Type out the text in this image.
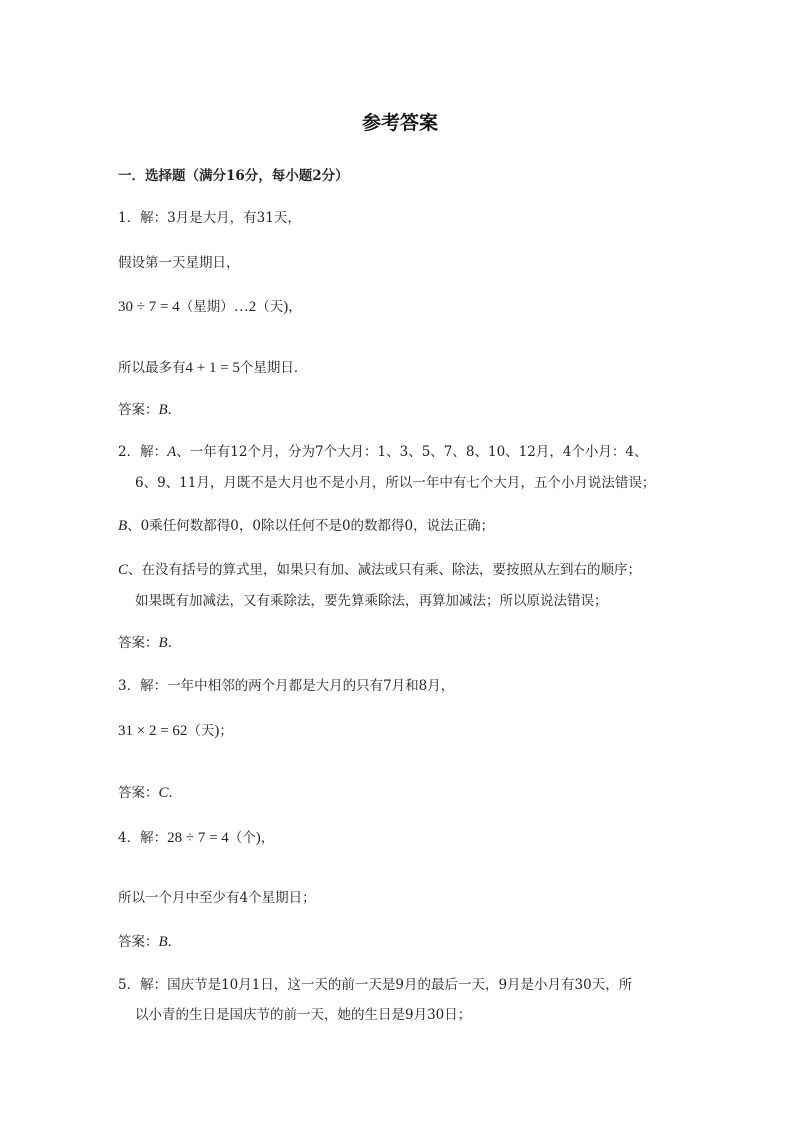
参考答案
一．选择题（满分16分，每小题2分）
1．解：3月是大月，有31天，
假设第一天星期日，
30 ÷ 7 = 4（星期）…2（天)，
所以最多有4 + 1 = 5个星期日．
答案：B．
2．解：A、一年有12个月，分为7个大月：1、3、5、7、8、10、12月，4个小月：4、
6、9、11月，月既不是大月也不是小月，所以一年中有七个大月，五个小月说法错误；
B、0乘任何数都得0，0除以任何不是0的数都得0，说法正确；
C、在没有括号的算式里，如果只有加、减法或只有乘、除法，要按照从左到右的顺序；
如果既有加减法，又有乘除法，要先算乘除法，再算加减法；所以原说法错误；
答案：B．
3．解：一年中相邻的两个月都是大月的只有7月和8月，
31 × 2 = 62（天)；
答案：C．
4．解：28 ÷ 7 = 4（个)，
所以一个月中至少有4个星期日；
答案：B．
5．解：国庆节是10月1日，这一天的前一天是9月的最后一天，9月是小月有30天，所
以小青的生日是国庆节的前一天，她的生日是9月30日；
